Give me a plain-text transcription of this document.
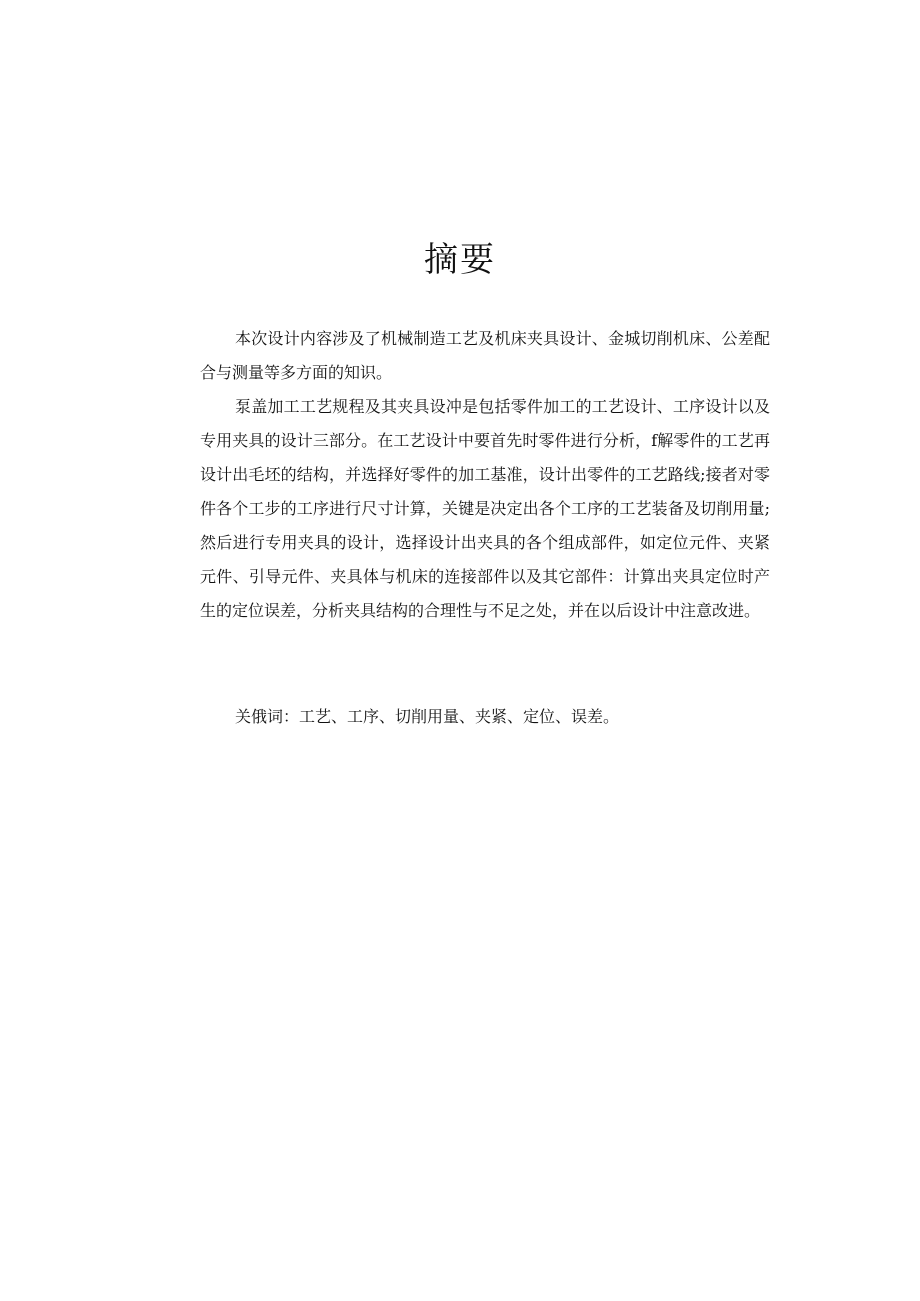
摘要

本次设计内容涉及了机械制造工艺及机床夹具设计、金城切削机床、公差配合与测量等多方面的知识。

泵盖加工工艺规程及其夹具设冲是包括零件加工的工艺设计、工序设计以及专用夹具的设计三部分。在工艺设计中要首先时零件进行分析，f解零件的工艺再设计出毛坯的结构，并选择好零件的加工基准，设计出零件的工艺路线;接者对零件各个工步的工序进行尺寸计算，关键是决定出各个工序的工艺装备及切削用量;然后进行专用夹具的设计，选择设计出夹具的各个组成部件，如定位元件、夹紧元件、引导元件、夹具体与机床的连接部件以及其它部件：计算出夹具定位时产生的定位误差，分析夹具结构的合理性与不足之处，并在以后设计中注意改进。

关俄词：工艺、工序、切削用量、夹紧、定位、误差。
